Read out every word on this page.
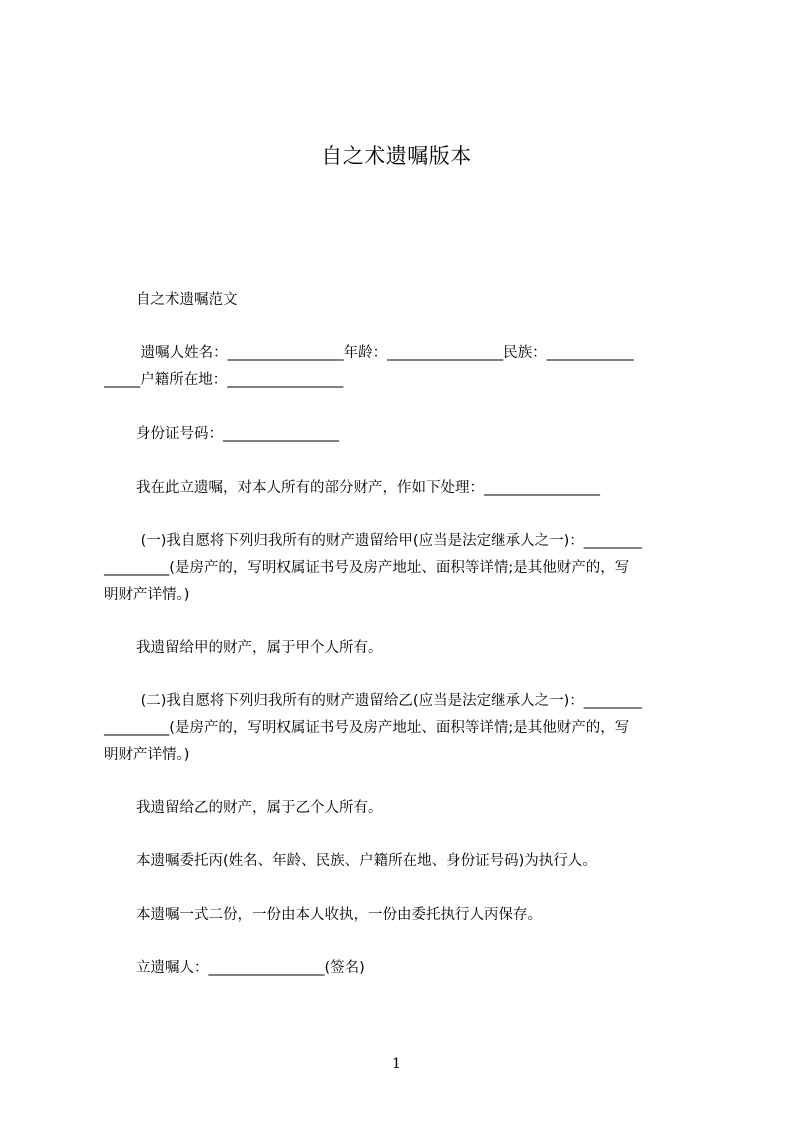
自之术遗嘱版本
自之术遗嘱范文
遗嘱人姓名：________________年龄：________________民族：____________
_____户籍所在地：________________
身份证号码：________________
我在此立遗嘱，对本人所有的部分财产，作如下处理：________________
(一)我自愿将下列归我所有的财产遗留给甲(应当是法定继承人之一)：________
_________(是房产的，写明权属证书号及房产地址、面积等详情;是其他财产的，写
明财产详情。)
我遗留给甲的财产，属于甲个人所有。
(二)我自愿将下列归我所有的财产遗留给乙(应当是法定继承人之一)：________
_________(是房产的，写明权属证书号及房产地址、面积等详情;是其他财产的，写
明财产详情。)
我遗留给乙的财产，属于乙个人所有。
本遗嘱委托丙(姓名、年龄、民族、户籍所在地、身份证号码)为执行人。
本遗嘱一式二份，一份由本人收执，一份由委托执行人丙保存。
立遗嘱人：________________(签名)
1
